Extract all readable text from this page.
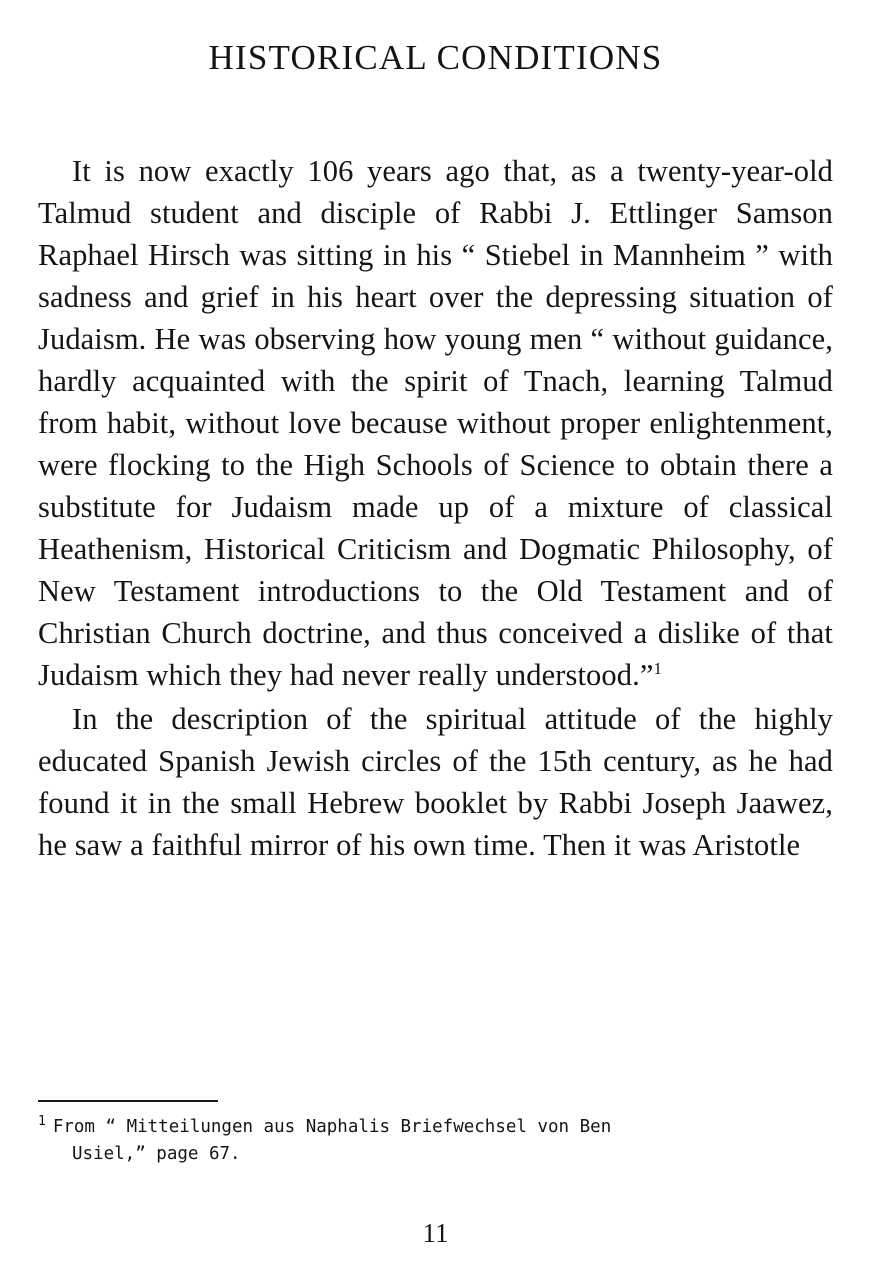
HISTORICAL CONDITIONS

It is now exactly 106 years ago that, as a twenty-year-old Talmud student and disciple of Rabbi J. Ettlinger Samson Raphael Hirsch was sitting in his “ Stiebel in Mannheim ” with sadness and grief in his heart over the depressing situation of Judaism. He was observing how young men “ without guidance, hardly acquainted with the spirit of Tnach, learning Talmud from habit, without love because without proper enlightenment, were flocking to the High Schools of Science to obtain there a substitute for Judaism made up of a mixture of classical Heathenism, Historical Criticism and Dogmatic Philosophy, of New Testament introductions to the Old Testament and of Christian Church doctrine, and thus conceived a dislike of that Judaism which they had never really understood.”$^1$

In the description of the spiritual attitude of the highly educated Spanish Jewish circles of the 15th century, as he had found it in the small Hebrew booklet by Rabbi Joseph Jaawez, he saw a faithful mirror of his own time. Then it was Aristotle

$^1$ From “ Mitteilungen aus Naphalis Briefwechsel von Ben
Usiel,” page 67.
11
